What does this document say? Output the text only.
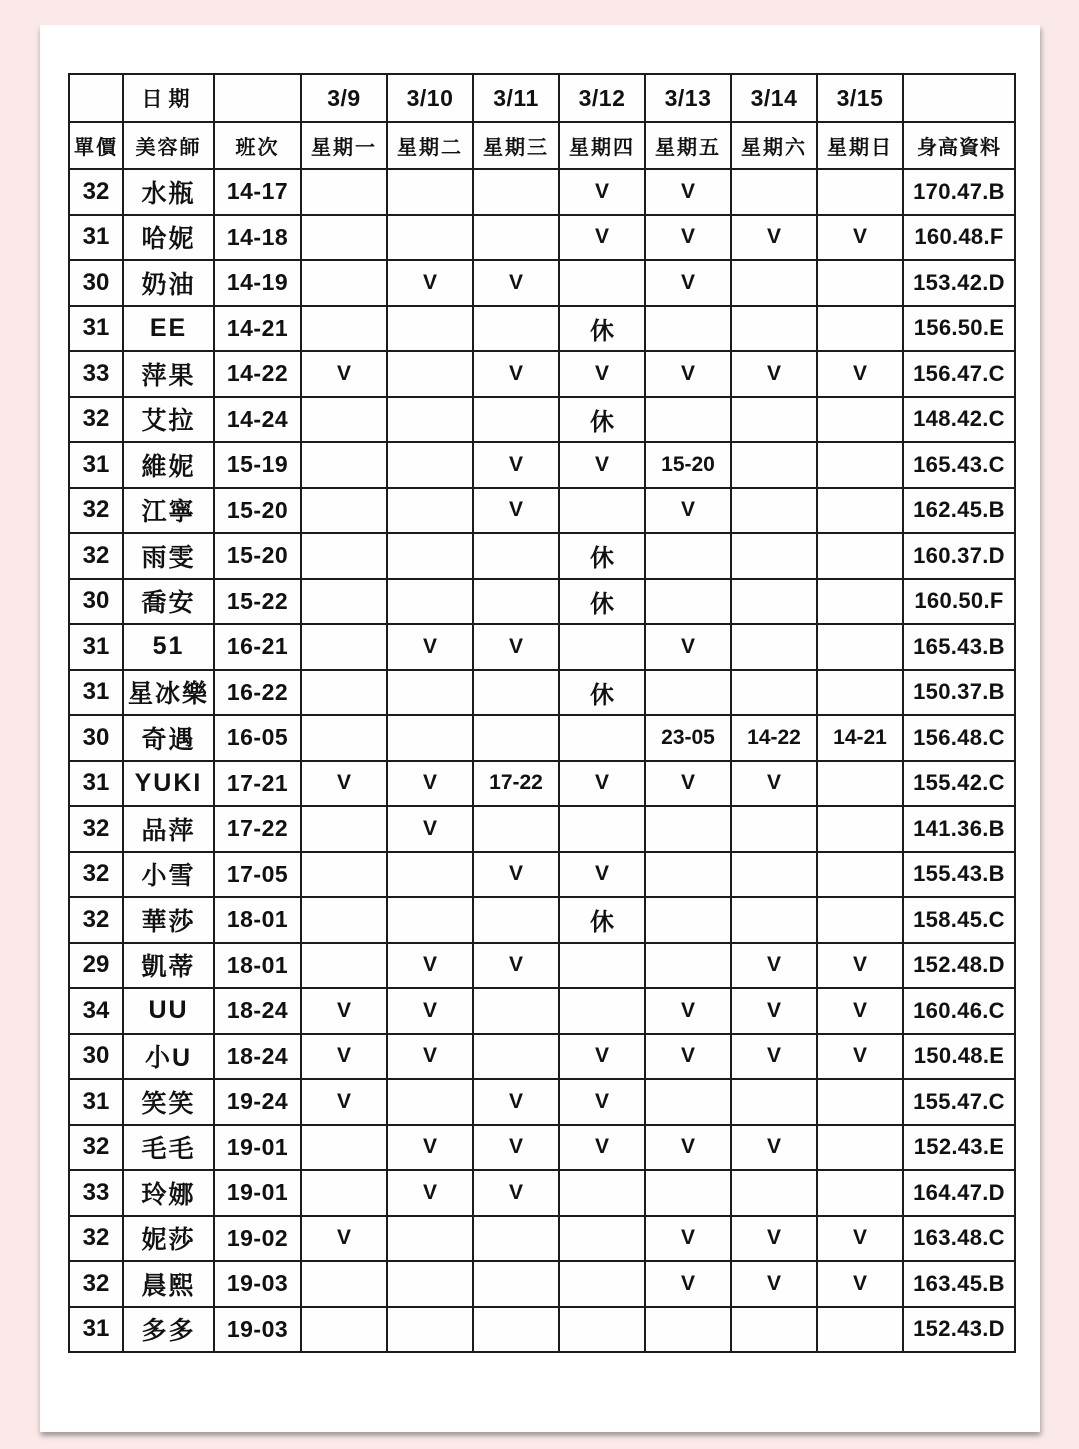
	日期		3/9	3/10	3/11	3/12	3/13	3/14	3/15	
單價	美容師	班次	星期一	星期二	星期三	星期四	星期五	星期六	星期日	身高資料
32	水瓶	14-17				V	V			170.47.B
31	哈妮	14-18				V	V	V	V	160.48.F
30	奶油	14-19		V	V		V			153.42.D
31	EE	14-21				休				156.50.E
33	萍果	14-22	V		V	V	V	V	V	156.47.C
32	艾拉	14-24				休				148.42.C
31	維妮	15-19			V	V	15-20			165.43.C
32	江寧	15-20			V		V			162.45.B
32	雨雯	15-20				休				160.37.D
30	喬安	15-22				休				160.50.F
31	51	16-21		V	V		V			165.43.B
31	星冰樂	16-22				休				150.37.B
30	奇遇	16-05					23-05	14-22	14-21	156.48.C
31	YUKI	17-21	V	V	17-22	V	V	V		155.42.C
32	品萍	17-22		V						141.36.B
32	小雪	17-05			V	V				155.43.B
32	華莎	18-01				休				158.45.C
29	凱蒂	18-01		V	V			V	V	152.48.D
34	UU	18-24	V	V			V	V	V	160.46.C
30	小U	18-24	V	V		V	V	V	V	150.48.E
31	笑笑	19-24	V		V	V				155.47.C
32	毛毛	19-01		V	V	V	V	V		152.43.E
33	玲娜	19-01		V	V					164.47.D
32	妮莎	19-02	V				V	V	V	163.48.C
32	晨熙	19-03					V	V	V	163.45.B
31	多多	19-03								152.43.D
